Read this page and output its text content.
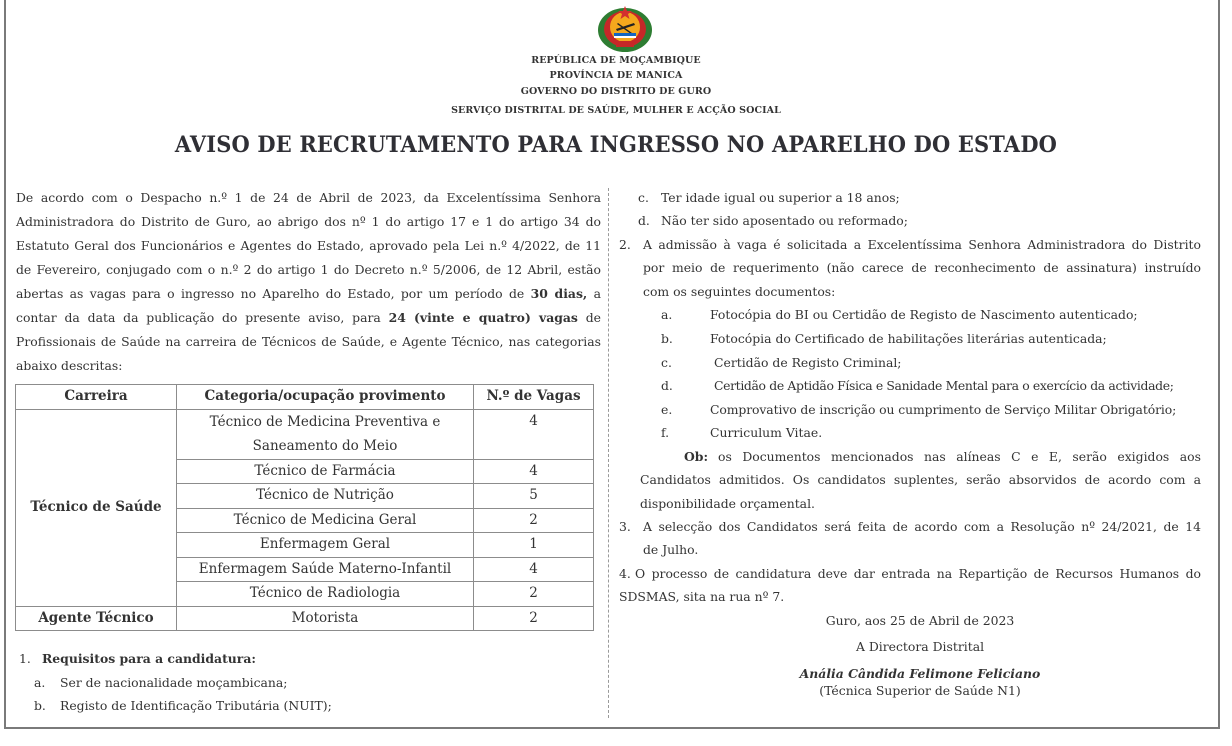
REPÚBLICA DE MOÇAMBIQUE
PROVÍNCIA DE MANICA
GOVERNO DO DISTRITO DE GURO
SERVIÇO DISTRITAL DE SAÚDE, MULHER E ACÇÃO SOCIAL
AVISO DE RECRUTAMENTO PARA INGRESSO NO APARELHO DO ESTADO
De acordo com o Despacho n.º 1 de 24 de Abril de 2023, da Excelentíssima Senhora Administradora do Distrito de Guro, ao abrigo dos nº 1 do artigo 17 e 1 do artigo 34 do Estatuto Geral dos Funcionários e Agentes do Estado, aprovado pela Lei n.º 4/2022, de 11 de Fevereiro, conjugado com o n.º 2 do artigo 1 do Decreto n.º 5/2006, de 12 Abril, estão abertas as vagas para o ingresso no Aparelho do Estado, por um período de 30 dias, a contar da data da publicação do presente aviso, para 24 (vinte e quatro) vagas de Profissionais de Saúde na carreira de Técnicos de Saúde, e Agente Técnico, nas categorias abaixo descritas:
Carreira	Categoria/ocupação provimento	N.º de Vagas
Técnico de Saúde	Técnico de Medicina Preventiva e Saneamento do Meio	4
	Técnico de Farmácia	4
	Técnico de Nutrição	5
	Técnico de Medicina Geral	2
	Enfermagem Geral	1
	Enfermagem Saúde Materno-Infantil	4
	Técnico de Radiologia	2
Agente Técnico	Motorista	2
1. Requisitos para a candidatura:
a. Ser de nacionalidade moçambicana;
b. Registo de Identificação Tributária (NUIT);
c. Ter idade igual ou superior a 18 anos;
d. Não ter sido aposentado ou reformado;
2. A admissão à vaga é solicitada a Excelentíssima Senhora Administradora do Distrito
por meio de requerimento (não carece de reconhecimento de assinatura) instruído
com os seguintes documentos:
a.	Fotocópia do BI ou Certidão de Registo de Nascimento autenticado;
b.	Fotocópia do Certificado de habilitações literárias autenticada;
c.	Certidão de Registo Criminal;
d.	Certidão de Aptidão Física e Sanidade Mental para o exercício da actividade;
e.	Comprovativo de inscrição ou cumprimento de Serviço Militar Obrigatório;
f.	Curriculum Vitae.
Ob: os Documentos mencionados nas alíneas C e E, serão exigidos aos
Candidatos admitidos. Os candidatos suplentes, serão absorvidos de acordo com a
disponibilidade orçamental.
3. A selecção dos Candidatos será feita de acordo com a Resolução nº 24/2021, de 14
de Julho.
4. O processo de candidatura deve dar entrada na Repartição de Recursos Humanos do
SDSMAS, sita na rua nº 7.
Guro, aos 25 de Abril de 2023
A Directora Distrital
Anália Cândida Felimone Feliciano
(Técnica Superior de Saúde N1)
